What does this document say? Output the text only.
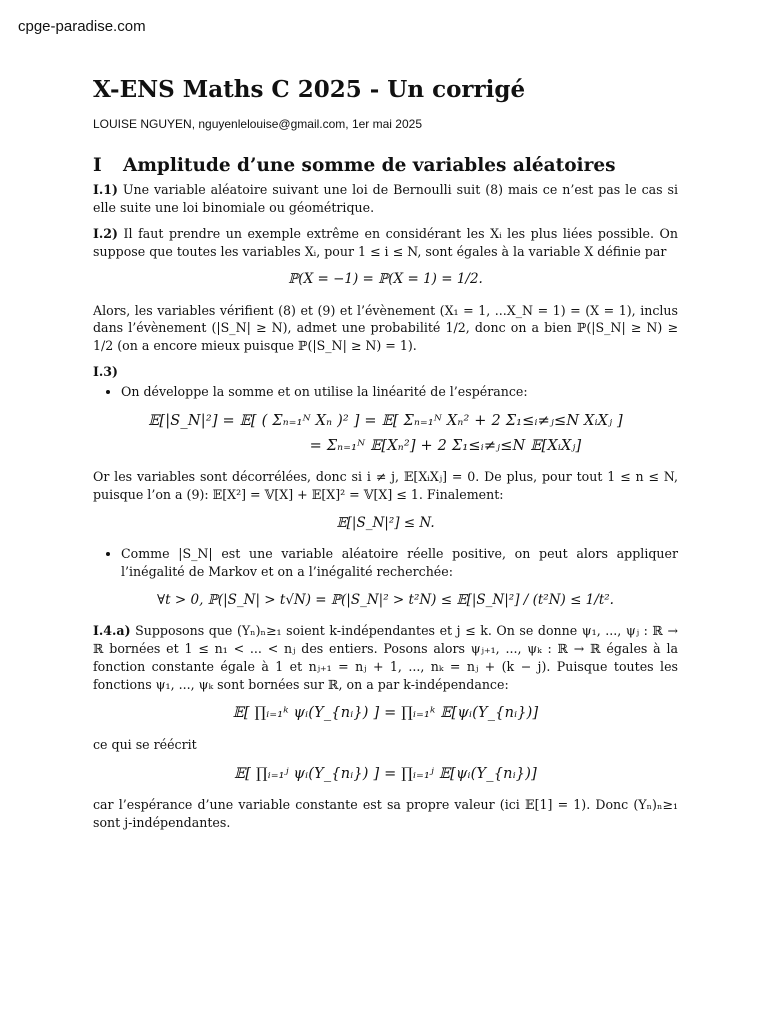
cpge-paradise.com
X-ENS Maths C 2025 - Un corrigé
LOUISE NGUYEN, nguyenlelouise@gmail.com, 1er mai 2025
I	Amplitude d’une somme de variables aléatoires

I.1) Une variable aléatoire suivant une loi de Bernoulli suit (8) mais ce n’est pas le cas si elle suite une loi binomiale ou géométrique.

I.2) Il faut prendre un exemple extrême en considérant les Xᵢ les plus liées possible. On suppose que toutes les variables Xᵢ, pour 1 ≤ i ≤ N, sont égales à la variable X définie par

ℙ(X = −1) = ℙ(X = 1) = 1/2.

Alors, les variables vérifient (8) et (9) et l’évènement (X₁ = 1, ...X_N = 1) = (X = 1), inclus dans l’évènement (|S_N| ≥ N), admet une probabilité 1/2, donc on a bien ℙ(|S_N| ≥ N) ≥ 1/2 (on a encore mieux puisque ℙ(|S_N| ≥ N) = 1).

I.3)

• On développe la somme et on utilise la linéarité de l’espérance:
𝔼[|S_N|²] = 𝔼[ ( Σₙ₌₁ᴺ Xₙ )² ] = 𝔼[ Σₙ₌₁ᴺ Xₙ² + 2 Σ₁≤ᵢ≠ⱼ≤N XᵢXⱼ ]
= Σₙ₌₁ᴺ 𝔼[Xₙ²] + 2 Σ₁≤ᵢ≠ⱼ≤N 𝔼[XᵢXⱼ]

Or les variables sont décorrélées, donc si i ≠ j, 𝔼[XᵢXⱼ] = 0. De plus, pour tout 1 ≤ n ≤ N, puisque l’on a (9): 𝔼[X²] = 𝕍[X] + 𝔼[X]² = 𝕍[X] ≤ 1. Finalement:

𝔼[|S_N|²] ≤ N.
• Comme |S_N| est une variable aléatoire réelle positive, on peut alors appliquer l’inégalité de Markov et on a l’inégalité recherchée:
∀t > 0, ℙ(|S_N| > t√N) = ℙ(|S_N|² > t²N) ≤ 𝔼[|S_N|²] / (t²N) ≤ 1/t².

I.4.a) Supposons que (Yₙ)ₙ≥₁ soient k-indépendantes et j ≤ k. On se donne ψ₁, ..., ψⱼ : ℝ → ℝ bornées et 1 ≤ n₁ < ... < nⱼ des entiers. Posons alors ψⱼ₊₁, ..., ψₖ : ℝ → ℝ égales à la fonction constante égale à 1 et nⱼ₊₁ = nⱼ + 1, ..., nₖ = nⱼ + (k − j). Puisque toutes les fonctions ψ₁, ..., ψₖ sont bornées sur ℝ, on a par k-indépendance:

𝔼[ ∏ᵢ₌₁ᵏ ψᵢ(Y_{nᵢ}) ] = ∏ᵢ₌₁ᵏ 𝔼[ψᵢ(Y_{nᵢ})]

ce qui se réécrit

𝔼[ ∏ᵢ₌₁ʲ ψᵢ(Y_{nᵢ}) ] = ∏ᵢ₌₁ʲ 𝔼[ψᵢ(Y_{nᵢ})]

car l’espérance d’une variable constante est sa propre valeur (ici 𝔼[1] = 1). Donc (Yₙ)ₙ≥₁ sont j-indépendantes.
